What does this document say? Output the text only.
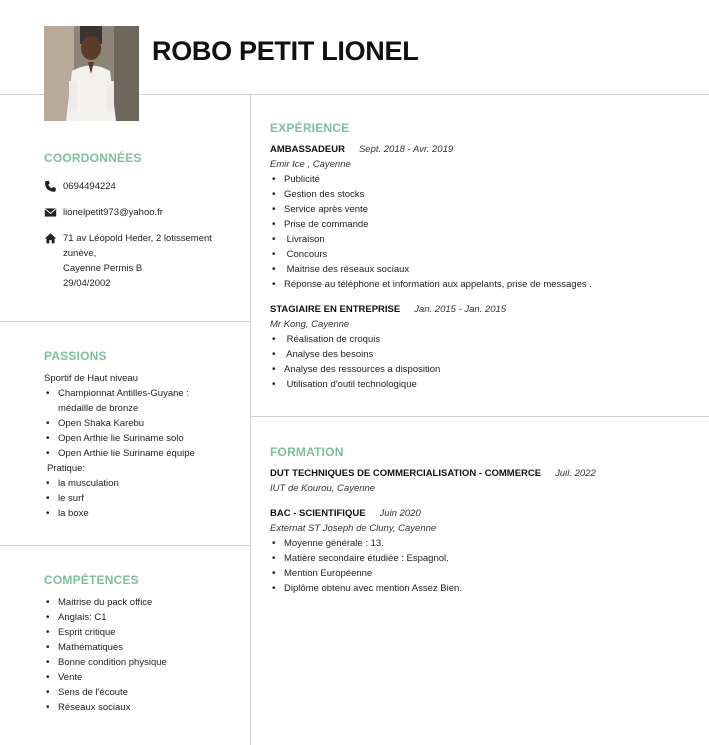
ROBO PETIT LIONEL
COORDONNÉES
0694494224
lionelpetit973@yahoo.fr
71 av Léopold Heder, 2 lotissement
zunève,
Cayenne Permis B
29/04/2002
PASSIONS
Sportif de Haut niveau
• Championnat Antilles-Guyane : médaille de bronze
• Open Shaka Karebu
• Open Arthie lie Suriname solo
• Open Arthie lie Suriname équipe
Pratique:
• la musculation
• le surf
• la boxe
COMPÉTENCES
• Maitrise du pack office
• Anglais: C1
• Esprit critique
• Mathématiques
• Bonne condition physique
• Vente
• Sens de l'écoute
• Réseaux sociaux
EXPÉRIENCE
AMBASSADEUR Sept. 2018 - Avr. 2019
Emir Ice , Cayenne
• Publicité
• Gestion des stocks
• Service après vente
• Prise de commande
•  Livraison
•  Concours
•  Maitrise des réseaux sociaux
• Réponse au téléphone et information aux appelants, prise de messages .
STAGIAIRE EN ENTREPRISE Jan. 2015 - Jan. 2015
Mr Kong, Cayenne
•  Réalisation de croquis
•  Analyse des besoins
• Analyse des ressources a disposition
•  Utilisation d'outil technologique
FORMATION
DUT TECHNIQUES DE COMMERCIALISATION - COMMERCE Juil. 2022
IUT de Kourou, Cayenne
BAC - SCIENTIFIQUE Juin 2020
Externat ST Joseph de Cluny, Cayenne
• Moyenne générale : 13.
• Matière secondaire étudiée : Espagnol.
• Mention Européenne
• Diplôme obtenu avec mention Assez Bien.
